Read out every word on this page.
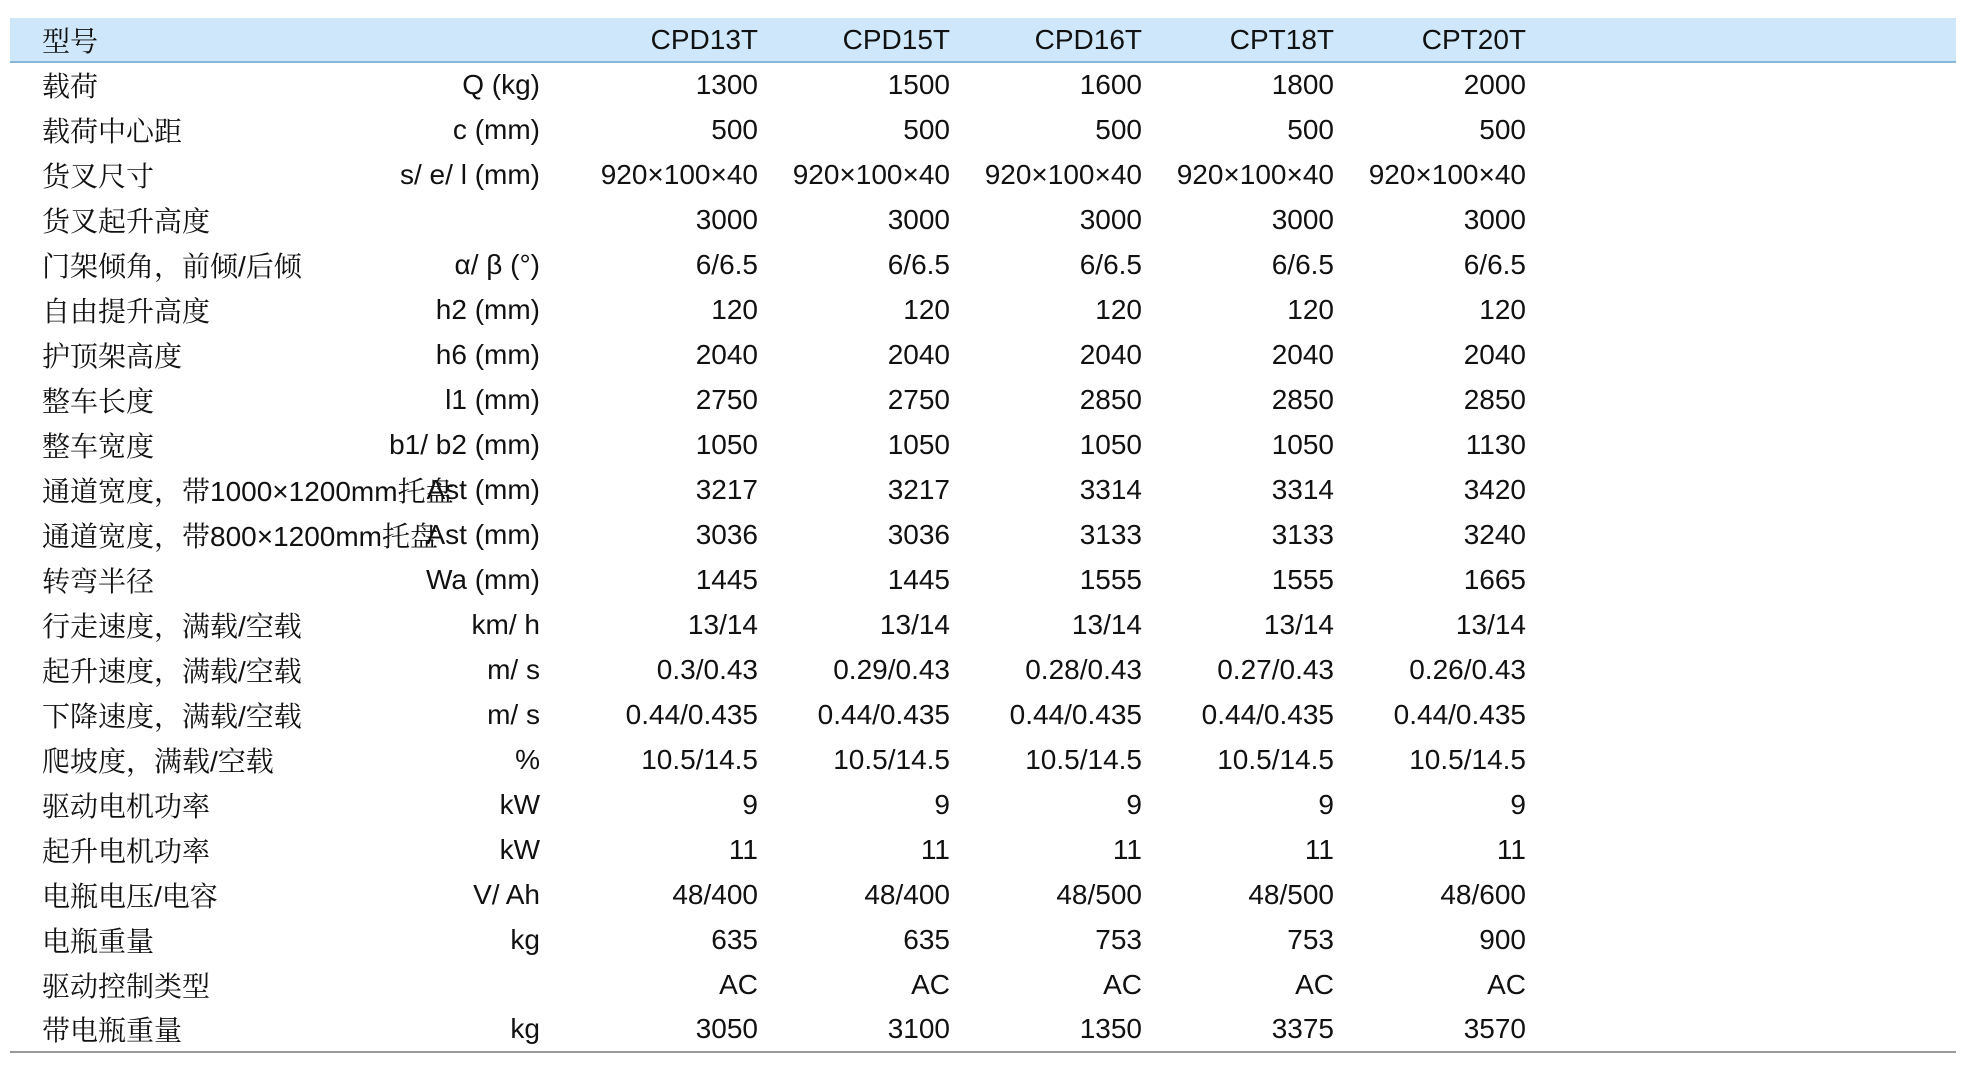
型号		CPD13T	CPD15T	CPD16T	CPT18T	CPT20T	
载荷	Q (kg)	1300	1500	1600	1800	2000	
载荷中心距	c (mm)	500	500	500	500	500	
货叉尺寸	s/ e/ l (mm)	920×100×40	920×100×40	920×100×40	920×100×40	920×100×40	
货叉起升高度		3000	3000	3000	3000	3000	
门架倾角，前倾/后倾	α/ β (°)	6/6.5	6/6.5	6/6.5	6/6.5	6/6.5	
自由提升高度	h2 (mm)	120	120	120	120	120	
护顶架高度	h6 (mm)	2040	2040	2040	2040	2040	
整车长度	l1 (mm)	2750	2750	2850	2850	2850	
整车宽度	b1/ b2 (mm)	1050	1050	1050	1050	1130	
通道宽度，带1000×1200mm托盘	Ast (mm)	3217	3217	3314	3314	3420	
通道宽度，带800×1200mm托盘	Ast (mm)	3036	3036	3133	3133	3240	
转弯半径	Wa (mm)	1445	1445	1555	1555	1665	
行走速度，满载/空载	km/ h	13/14	13/14	13/14	13/14	13/14	
起升速度，满载/空载	m/ s	0.3/0.43	0.29/0.43	0.28/0.43	0.27/0.43	0.26/0.43	
下降速度，满载/空载	m/ s	0.44/0.435	0.44/0.435	0.44/0.435	0.44/0.435	0.44/0.435	
爬坡度，满载/空载	%	10.5/14.5	10.5/14.5	10.5/14.5	10.5/14.5	10.5/14.5	
驱动电机功率	kW	9	9	9	9	9	
起升电机功率	kW	11	11	11	11	11	
电瓶电压/电容	V/ Ah	48/400	48/400	48/500	48/500	48/600	
电瓶重量	kg	635	635	753	753	900	
驱动控制类型		AC	AC	AC	AC	AC	
带电瓶重量	kg	3050	3100	1350	3375	3570	
